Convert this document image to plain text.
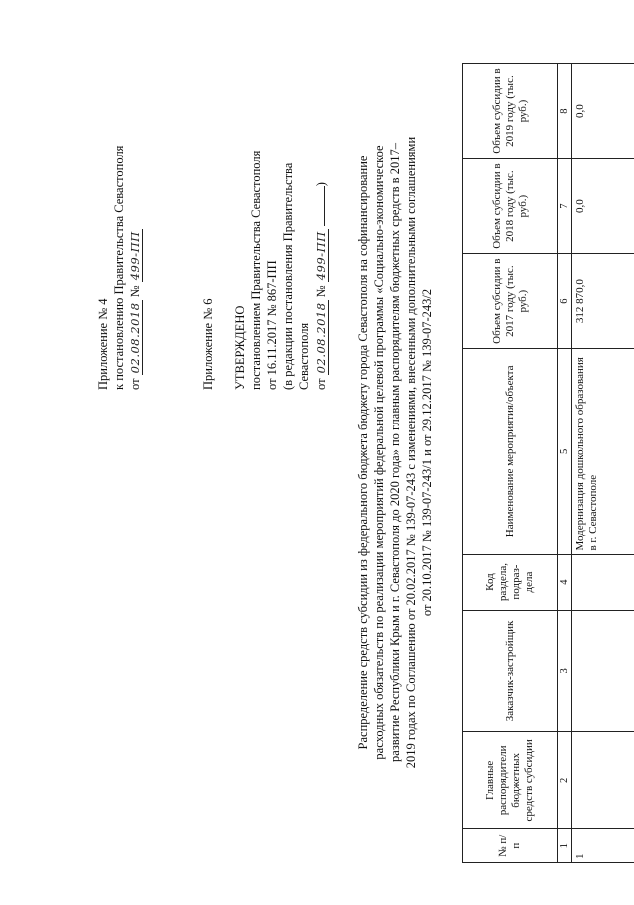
Приложение № 4 к постановлению Правительства Севастополя от 02.08.2018 № 499-ПП
Приложение № 6 УТВЕРЖДЕНО постановлением Правительства Севастополя от 16.11.2017 № 867-ПП (в редакции постановления Правительства Севастополя от 02.08.2018 № 499-ПП ) Распределение средств субсидии из федерального бюджета бюджету города Севастополя на софинансирование расходных обязательств по реализации мероприятий федеральной целевой программы «Социально-экономическое развитие Республики Крым и г. Севастополя до 2020 года» по главным распорядителям бюджетных средств в 2017– 2019 годах по Соглашению от 20.02.2017 № 139-07-243 с изменениями, внесенными дополнительными соглашениями от 20.10.2017 № 139-07-243/1 и от 29.12.2017 № 139-07-243/2
№ п/п	Главные распорядители бюджетных средств субсидии	Заказчик-застройщик	Код раздела, подраз-дела	Наименование мероприятия/объекта	Объем субсидии в 2017 году (тыс. руб.)	Объем субсидии в 2018 году (тыс. руб.)	Объем субсидии в 2019 году (тыс. руб.)
1	2	3	4	5	6	7	8
1				Модернизация дошкольного образования в г. Севастополе	312 870,0	0,0	0,0
